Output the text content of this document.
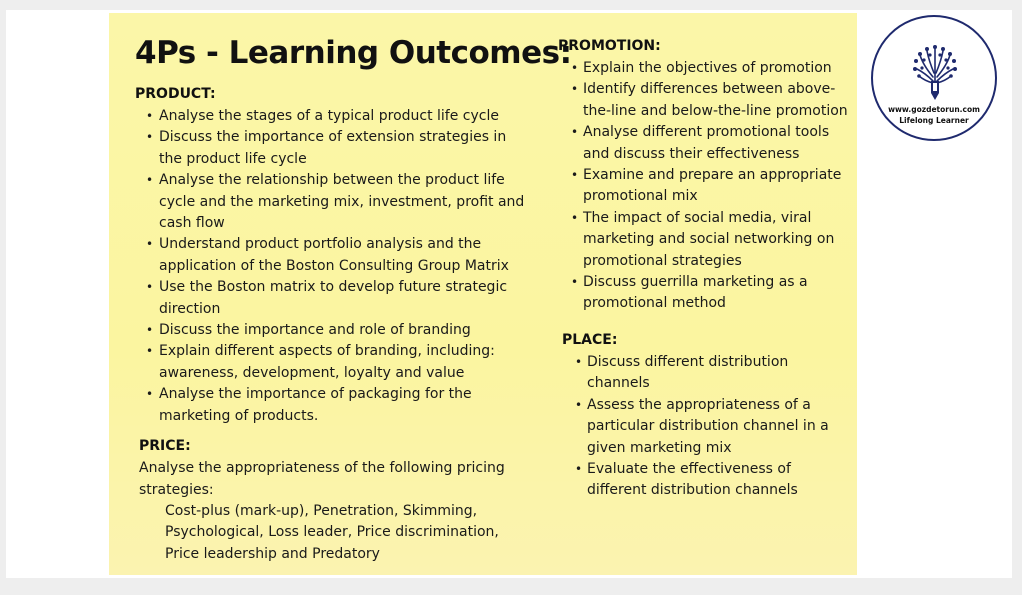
4Ps - Learning Outcomes:
PRODUCT:
• Analyse the stages of a typical product life cycle
• Discuss the importance of extension strategies in the product life cycle
• Analyse the relationship between the product life cycle and the marketing mix, investment, profit and cash flow
• Understand product portfolio analysis and the application of the Boston Consulting Group Matrix
• Use the Boston matrix to develop future strategic direction
• Discuss the importance and role of branding
• Explain different aspects of branding, including: awareness, development, loyalty and value
• Analyse the importance of packaging for the marketing of products.
PRICE:
Analyse the appropriateness of the following pricing strategies:
Cost-plus (mark-up), Penetration, Skimming, Psychological, Loss leader, Price discrimination, Price leadership and Predatory
PROMOTION:
• Explain the objectives of promotion
• Identify differences between above-the-line and below-the-line promotion
• Analyse different promotional tools and discuss their effectiveness
• Examine and prepare an appropriate promotional mix
• The impact of social media, viral marketing and social networking on promotional strategies
• Discuss guerrilla marketing as a promotional method
PLACE:
• Discuss different distribution channels
• Assess the appropriateness of a particular distribution channel in a given marketing mix
• Evaluate the effectiveness of different distribution channels

www.gozdetorun.com

Lifelong Learner
